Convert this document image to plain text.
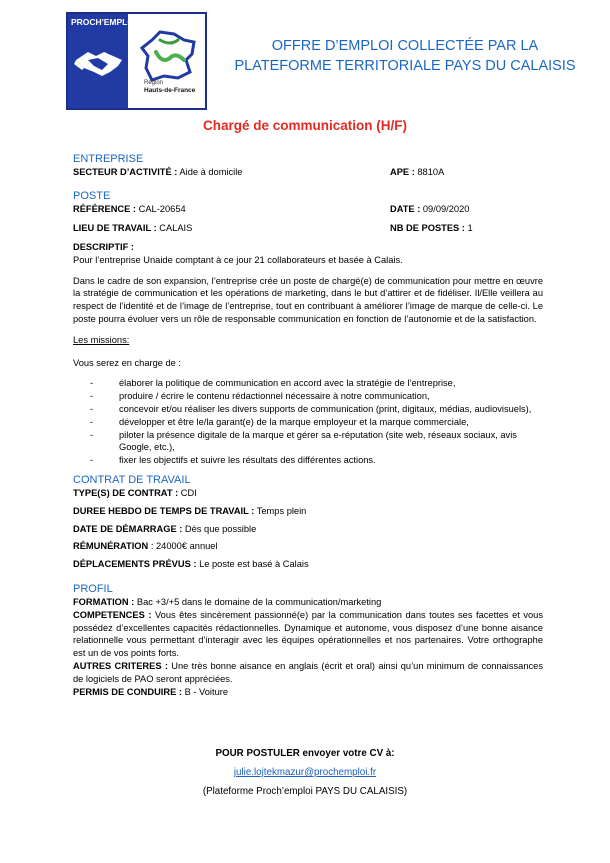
PROCH'EMPLOI
Région
Hauts-de-France
OFFRE D’EMPLOI COLLECTÉE PAR LA
PLATEFORME TERRITORIALE PAYS DU CALAISIS
Chargé de communication (H/F)
ENTREPRISE
SECTEUR D’ACTIVITÉ : Aide à domicile	APE : 8810A
POSTE
RÉFÉRENCE : CAL-20654	DATE : 09/09/2020
LIEU DE TRAVAIL : CALAIS	NB DE POSTES : 1
DESCRIPTIF :
Pour l’entreprise Unaide comptant à ce jour 21 collaborateurs et basée à Calais.
Dans le cadre de son expansion, l’entreprise crée un poste de chargé(e) de communication pour mettre en œuvre la stratégie de communication et les opérations de marketing, dans le but d’attirer et de fidéliser. Il/Elle veillera au respect de l’identité et de l’image de l’entreprise, tout en contribuant à améliorer l’image de marque de celle-ci. Le poste pourra évoluer vers un rôle de responsable communication en fonction de l’autonomie et de la satisfaction.
Les missions:
Vous serez en charge de :
- élaborer la politique de communication en accord avec la stratégie de l’entreprise,
- produire / écrire le contenu rédactionnel nécessaire à notre communication,
- concevoir et/ou réaliser les divers supports de communication (print, digitaux, médias, audiovisuels),
- développer et être le/la garant(e) de la marque employeur et la marque commerciale,
- piloter la présence digitale de la marque et gérer sa e-réputation (site web, réseaux sociaux, avis Google, etc.),
- fixer les objectifs et suivre les résultats des différentes actions.
CONTRAT DE TRAVAIL
TYPE(S) DE CONTRAT : CDI
DUREE HEBDO DE TEMPS DE TRAVAIL : Temps plein
DATE DE DÉMARRAGE : Dès que possible
RÉMUNÉRATION : 24000€ annuel
DÉPLACEMENTS PRÉVUS : Le poste est basé à Calais
PROFIL
FORMATION : Bac +3/+5 dans le domaine de la communication/marketing
COMPETENCES : Vous êtes sincèrement passionné(e) par la communication dans toutes ses facettes et vous possédez d’excellentes capacités rédactionnelles. Dynamique et autonome, vous disposez d’une bonne aisance relationnelle vous permettant d’interagir avec les équipes opérationnelles et nos partenaires. Votre orthographe est un de vos points forts.
AUTRES CRITERES : Une très bonne aisance en anglais (écrit et oral) ainsi qu’un minimum de connaissances de logiciels de PAO seront appréciées.
PERMIS DE CONDUIRE : B - Voiture
POUR POSTULER envoyer votre CV à:
julie.lojtekmazur@prochemploi.fr
(Plateforme Proch’emploi PAYS DU CALAISIS)
